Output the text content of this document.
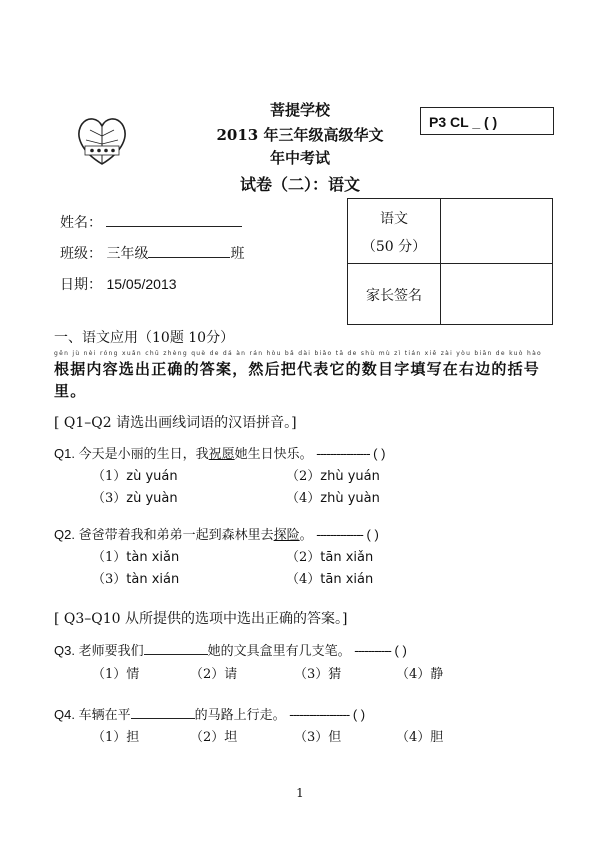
菩提学校
2013 年三年级高级华文
年中考试
试卷（二）：语文
P3 CL _ ( )
姓名：
班级： 三年级	班
日期： 15/05/2013
语文
（50 分）
家长签名
一、语文应用（10题 10分）
gēn jù nèi róng xuǎn chū zhèng què de dá àn rán hòu bǎ dài biǎo tā de shù mù zì tián xiě zài yòu biān de kuò hào
根据内容选出正确的答案，然后把代表它的数目字填写在右边的括号
里。
[ Q1–Q2 请选出画线词语的汉语拼音。]
Q1. 今天是小丽的生日，我祝愿她生日快乐。 ---------------- ( )
（1）zù yuán	（2）zhù yuán
（3）zù yuàn	（4）zhù yuàn
Q2. 爸爸带着我和弟弟一起到森林里去探险。 -------------- ( )
（1）tàn xiǎn	（2）tān xiǎn
（3）tàn xián	（4）tān xián
[ Q3–Q10 从所提供的选项中选出正确的答案。]
Q3. 老师要我们	她的文具盒里有几支笔。 ----------- ( )
（1）情	（2）请	（3）猜	（4）静
Q4. 车辆在平	的马路上行走。 ------------------ ( )
（1）担	（2）坦	（3）但	（4）胆
1
